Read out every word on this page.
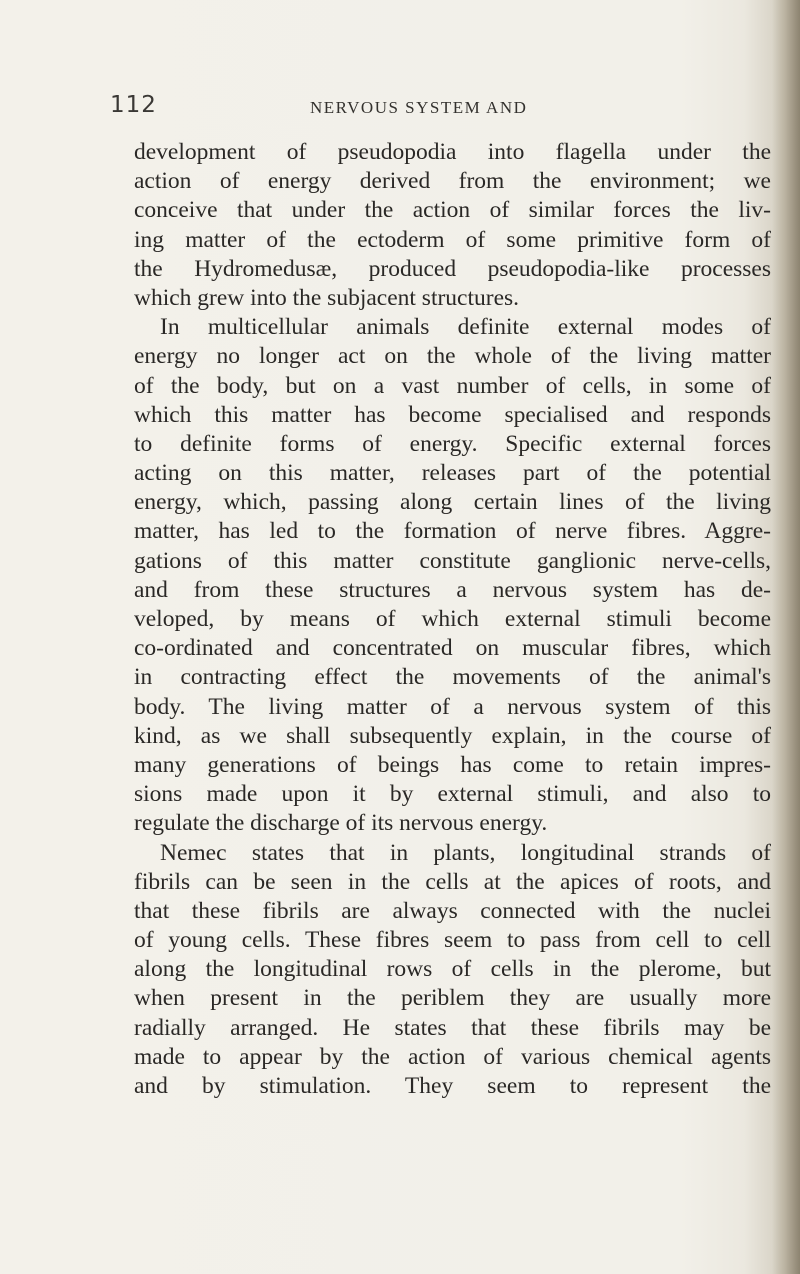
112	NERVOUS SYSTEM AND
development of pseudopodia into flagella under the
action of energy derived from the environment; we
conceive that under the action of similar forces the liv-
ing matter of the ectoderm of some primitive form of
the Hydromedusæ, produced pseudopodia-like processes
which grew into the subjacent structures.
In multicellular animals definite external modes of
energy no longer act on the whole of the living matter
of the body, but on a vast number of cells, in some of
which this matter has become specialised and responds
to definite forms of energy. Specific external forces
acting on this matter, releases part of the potential
energy, which, passing along certain lines of the living
matter, has led to the formation of nerve fibres. Aggre-
gations of this matter constitute ganglionic nerve-cells,
and from these structures a nervous system has de-
veloped, by means of which external stimuli become
co-ordinated and concentrated on muscular fibres, which
in contracting effect the movements of the animal's
body. The living matter of a nervous system of this
kind, as we shall subsequently explain, in the course of
many generations of beings has come to retain impres-
sions made upon it by external stimuli, and also to
regulate the discharge of its nervous energy.
Nemec states that in plants, longitudinal strands of
fibrils can be seen in the cells at the apices of roots, and
that these fibrils are always connected with the nuclei
of young cells. These fibres seem to pass from cell to cell
along the longitudinal rows of cells in the plerome, but
when present in the periblem they are usually more
radially arranged. He states that these fibrils may be
made to appear by the action of various chemical agents
and by stimulation. They seem to represent the
